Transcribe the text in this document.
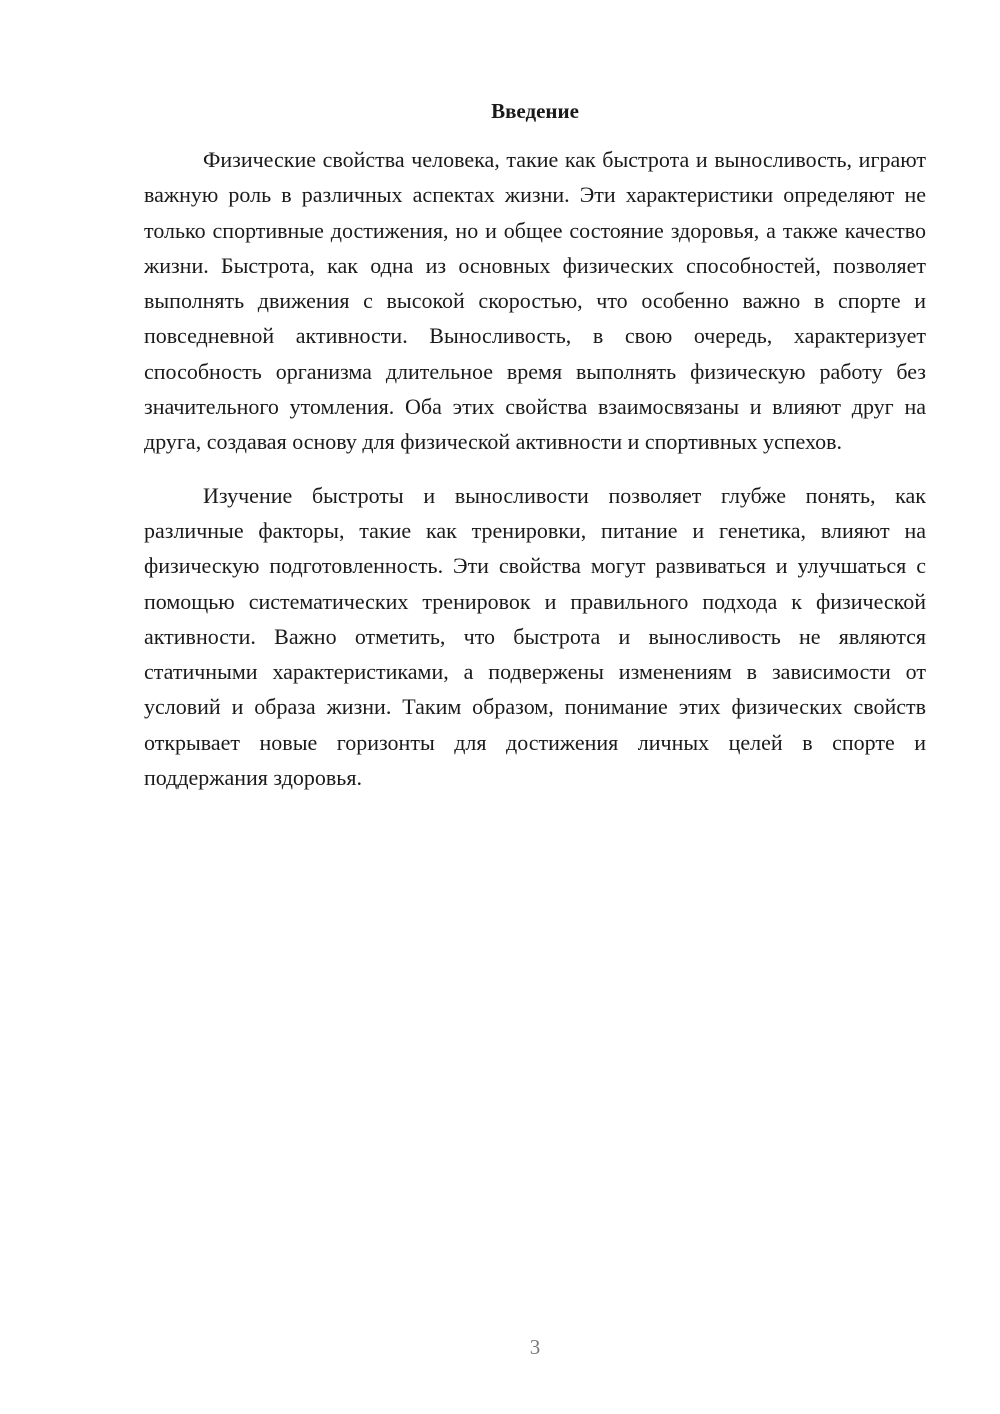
Введение

Физические свойства человека, такие как быстрота и выносливость, играют важную роль в различных аспектах жизни. Эти характеристики определяют не только спортивные достижения, но и общее состояние здоровья, а также качество жизни. Быстрота, как одна из основных физических способностей, позволяет выполнять движения с высокой скоростью, что особенно важно в спорте и повседневной активности. Выносливость, в свою очередь, характеризует способность организма длительное время выполнять физическую работу без значительного утомления. Оба этих свойства взаимосвязаны и влияют друг на друга, создавая основу для физической активности и спортивных успехов.

Изучение быстроты и выносливости позволяет глубже понять, как различные факторы, такие как тренировки, питание и генетика, влияют на физическую подготовленность. Эти свойства могут развиваться и улучшаться с помощью систематических тренировок и правильного подхода к физической активности. Важно отметить, что быстрота и выносливость не являются статичными характеристиками, а подвержены изменениям в зависимости от условий и образа жизни. Таким образом, понимание этих физических свойств открывает новые горизонты для достижения личных целей в спорте и поддержания здоровья.

3
